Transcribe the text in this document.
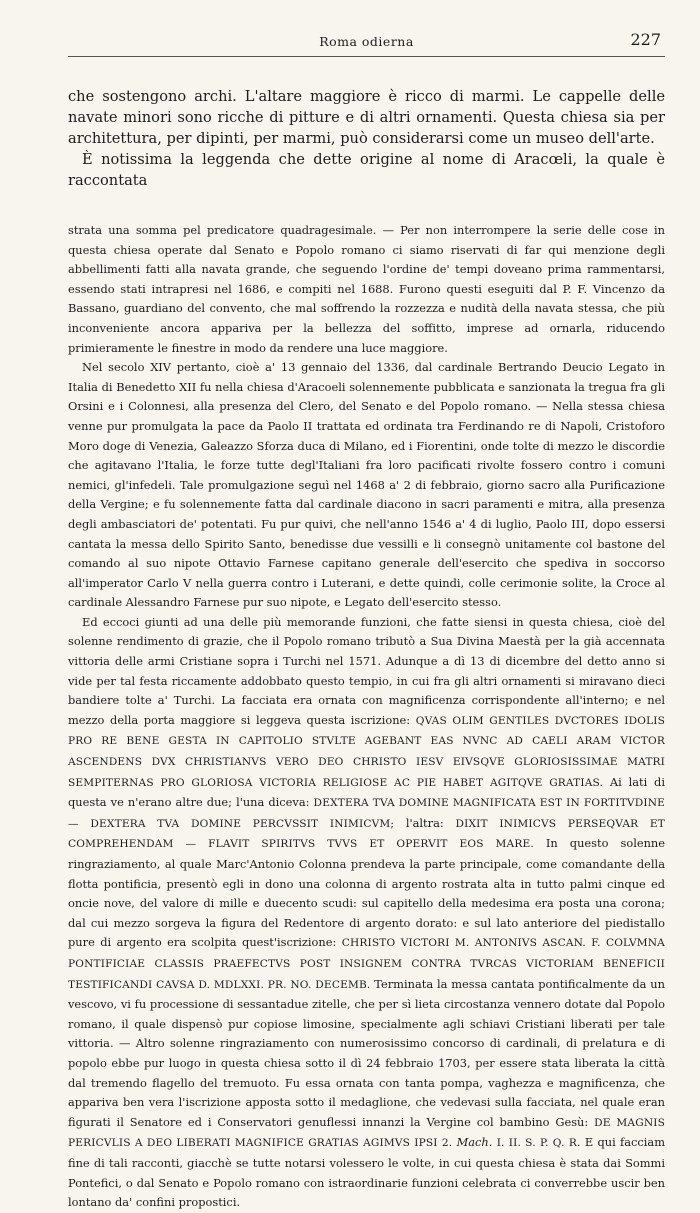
Roma odierna	227

che sostengono archi. L'altare maggiore è ricco di marmi. Le cappelle delle navate minori sono ricche di pitture e di altri ornamenti. Questa chiesa sia per architettura, per dipinti, per marmi, può considerarsi come un museo dell'arte.

È notissima la leggenda che dette origine al nome di Aracœli, la quale è raccontata

strata una somma pel predicatore quadragesimale. — Per non interrompere la serie delle cose in questa chiesa operate dal Senato e Popolo romano ci siamo riservati di far qui menzione degli abbellimenti fatti alla navata grande, che seguendo l'ordine de' tempi doveano prima rammentarsi, essendo stati intrapresi nel 1686, e compiti nel 1688. Furono questi eseguiti dal P. F. Vincenzo da Bassano, guardiano del convento, che mal soffrendo la rozzezza e nudità della navata stessa, che più inconveniente ancora appariva per la bellezza del soffitto, imprese ad ornarla, riducendo primieramente le finestre in modo da rendere una luce maggiore.

Nel secolo XIV pertanto, cioè a' 13 gennaio del 1336, dal cardinale Bertrando Deucio Legato in Italia di Benedetto XII fu nella chiesa d'Aracoeli solennemente pubblicata e sanzionata la tregua fra gli Orsini e i Colonnesi, alla presenza del Clero, del Senato e del Popolo romano. — Nella stessa chiesa venne pur promulgata la pace da Paolo II trattata ed ordinata tra Ferdinando re di Napoli, Cristoforo Moro doge di Venezia, Galeazzo Sforza duca di Milano, ed i Fiorentini, onde tolte di mezzo le discordie che agitavano l'Italia, le forze tutte degl'Italiani fra loro pacificati rivolte fossero contro i comuni nemici, gl'infedeli. Tale promulgazione seguì nel 1468 a' 2 di febbraio, giorno sacro alla Purificazione della Vergine; e fu solennemente fatta dal cardinale diacono in sacri paramenti e mitra, alla presenza degli ambasciatori de' potentati. Fu pur quivi, che nell'anno 1546 a' 4 di luglio, Paolo III, dopo essersi cantata la messa dello Spirito Santo, benedisse due vessilli e li consegnò unitamente col bastone del comando al suo nipote Ottavio Farnese capitano generale dell'esercito che spediva in soccorso all'imperator Carlo V nella guerra contro i Luterani, e dette quindi, colle cerimonie solite, la Croce al cardinale Alessandro Farnese pur suo nipote, e Legato dell'esercito stesso.

Ed eccoci giunti ad una delle più memorande funzioni, che fatte siensi in questa chiesa, cioè del solenne rendimento di grazie, che il Popolo romano tributò a Sua Divina Maestà per la già accennata vittoria delle armi Cristiane sopra i Turchi nel 1571. Adunque a dì 13 di dicembre del detto anno si vide per tal festa riccamente addobbato questo tempio, in cui fra gli altri ornamenti si miravano dieci bandiere tolte a' Turchi. La facciata era ornata con magnificenza corrispondente all'interno; e nel mezzo della porta maggiore si leggeva questa iscrizione: QVAS OLIM GENTILES DVCTORES IDOLIS PRO RE BENE GESTA IN CAPITOLIO STVLTE AGEBANT EAS NVNC AD CAELI ARAM VICTOR ASCENDENS DVX CHRISTIANVS VERO DEO CHRISTO IESV EIVSQVE GLORIOSISSIMAE MATRI SEMPITERNAS PRO GLORIOSA VICTORIA RELIGIOSE AC PIE HABET AGITQVE GRATIAS. Ai lati di questa ve n'erano altre due; l'una diceva: DEXTERA TVA DOMINE MAGNIFICATA EST IN FORTITVDINE — DEXTERA TVA DOMINE PERCVSSIT INIMICVM; l'altra: DIXIT INIMICVS PERSEQVAR ET COMPREHENDAM — FLAVIT SPIRITVS TVVS ET OPERVIT EOS MARE. In questo solenne ringraziamento, al quale Marc'Antonio Colonna prendeva la parte principale, come comandante della flotta pontificia, presentò egli in dono una colonna di argento rostrata alta in tutto palmi cinque ed oncie nove, del valore di mille e duecento scudi: sul capitello della medesima era posta una corona; dal cui mezzo sorgeva la figura del Redentore di argento dorato: e sul lato anteriore del piedistallo pure di argento era scolpita quest'iscrizione: CHRISTO VICTORI M. ANTONIVS ASCAN. F. COLVMNA PONTIFICIAE CLASSIS PRAEFECTVS POST INSIGNEM CONTRA TVRCAS VICTORIAM BENEFICII TESTIFICANDI CAVSA D. MDLXXI. PR. NO. DECEMB. Terminata la messa cantata pontificalmente da un vescovo, vi fu processione di sessantadue zitelle, che per sì lieta circostanza vennero dotate dal Popolo romano, il quale dispensò pur copiose limosine, specialmente agli schiavi Cristiani liberati per tale vittoria. — Altro solenne ringraziamento con numerosissimo concorso di cardinali, di prelatura e di popolo ebbe pur luogo in questa chiesa sotto il dì 24 febbraio 1703, per essere stata liberata la città dal tremendo flagello del tremuoto. Fu essa ornata con tanta pompa, vaghezza e magnificenza, che appariva ben vera l'iscrizione apposta sotto il medaglione, che vedevasi sulla facciata, nel quale eran figurati il Senatore ed i Conservatori genuflessi innanzi la Vergine col bambino Gesù: DE MAGNIS PERICVLIS A DEO LIBERATI MAGNIFICE GRATIAS AGIMVS IPSI 2. Mach. I. II. S. P. Q. R. E qui facciam fine di tali racconti, giacchè se tutte notarsi volessero le volte, in cui questa chiesa è stata dai Sommi Pontefici, o dal Senato e Popolo romano con istraordinarie funzioni celebrata ci converrebbe uscir ben lontano da' confini propostici.
